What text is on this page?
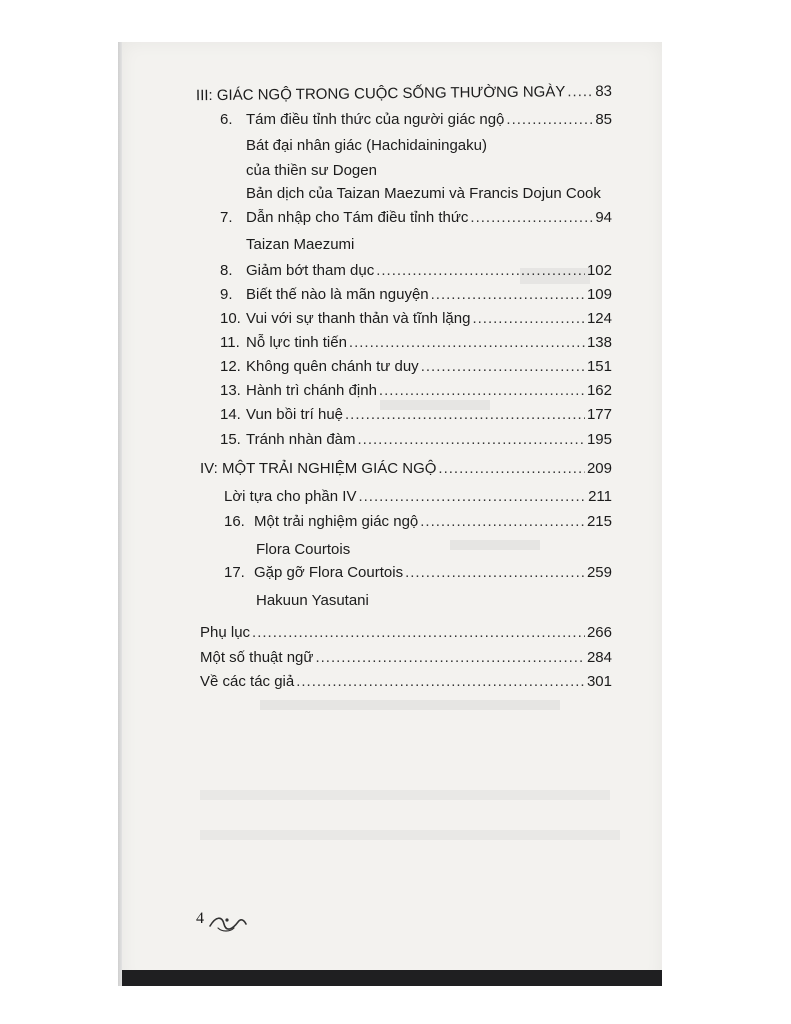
III: GIÁC NGỘ TRONG CUỘC SỐNG THƯỜNG NGÀY ..... 83
6. Tám điều tỉnh thức của người giác ngộ .....	85
Bát đại nhân giác (Hachidainingaku)
của thiền sư Dogen
Bản dịch của Taizan Maezumi và Francis Dojun Cook
7. Dẫn nhập cho Tám điều tỉnh thức .....	94
Taizan Maezumi
8. Giảm bớt tham dục .....	102
9. Biết thế nào là mãn nguyện .....	109
10. Vui với sự thanh thản và tĩnh lặng .....	124
11. Nỗ lực tinh tiến .....	138
12. Không quên chánh tư duy .....	151
13. Hành trì chánh định .....	162
14. Vun bồi trí huệ .....	177
15. Tránh nhàn đàm .....	195
IV: MỘT TRẢI NGHIỆM GIÁC NGỘ .....	209
Lời tựa cho phần IV .....	211
16. Một trải nghiệm giác ngộ .....	215
Flora Courtois
17. Gặp gỡ Flora Courtois .....	259
Hakuun Yasutani
Phụ lục .....	266
Một số thuật ngữ .....	284
Về các tác giả .....	301
4
